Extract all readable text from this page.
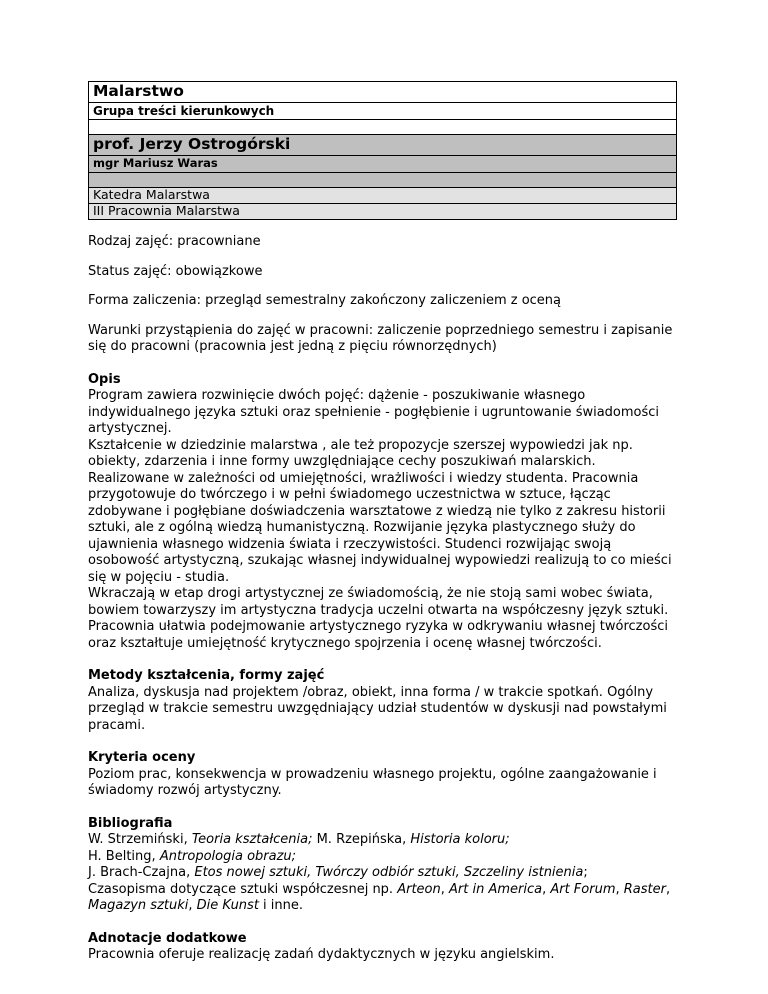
Malarstwo
Grupa treści kierunkowych

prof. Jerzy Ostrogórski
mgr Mariusz Waras

Katedra Malarstwa
III Pracownia Malarstwa

Rodzaj zajęć: pracowniane

Status zajęć: obowiązkowe

Forma zaliczenia: przegląd semestralny zakończony zaliczeniem z oceną

Warunki przystąpienia do zajęć w pracowni: zaliczenie poprzedniego semestru i zapisanie

się do pracowni (pracownia jest jedną z pięciu równorzędnych)

Opis

Program zawiera rozwinięcie dwóch pojęć: dążenie - poszukiwanie własnego

indywidualnego języka sztuki oraz spełnienie - pogłębienie i ugruntowanie świadomości

artystycznej.

Kształcenie w dziedzinie malarstwa , ale też propozycje szerszej wypowiedzi jak np.

obiekty, zdarzenia i inne formy uwzględniające cechy poszukiwań malarskich.

Realizowane w zależności od umiejętności, wrażliwości i wiedzy studenta. Pracownia

przygotowuje do twórczego i w pełni świadomego uczestnictwa w sztuce, łącząc

zdobywane i pogłębiane doświadczenia warsztatowe z wiedzą nie tylko z zakresu historii

sztuki, ale z ogólną wiedzą humanistyczną. Rozwijanie języka plastycznego służy do

ujawnienia własnego widzenia świata i rzeczywistości. Studenci rozwijając swoją

osobowość artystyczną, szukając własnej indywidualnej wypowiedzi realizują to co mieści

się w pojęciu - studia.

Wkraczają w etap drogi artystycznej ze świadomością, że nie stoją sami wobec świata,

bowiem towarzyszy im artystyczna tradycja uczelni otwarta na współczesny język sztuki.

Pracownia ułatwia podejmowanie artystycznego ryzyka w odkrywaniu własnej twórczości

oraz kształtuje umiejętność krytycznego spojrzenia i ocenę własnej twórczości.

Metody kształcenia, formy zajęć

Analiza, dyskusja nad projektem /obraz, obiekt, inna forma / w trakcie spotkań. Ogólny

przegląd w trakcie semestru uwzgędniający udział studentów w dyskusji nad powstałymi

pracami.

Kryteria oceny

Poziom prac, konsekwencja w prowadzeniu własnego projektu, ogólne zaangażowanie i

świadomy rozwój artystyczny.

Bibliografia

W. Strzemiński, Teoria kształcenia; M. Rzepińska, Historia koloru;

H. Belting, Antropologia obrazu;

J. Brach-Czajna, Etos nowej sztuki, Twórczy odbiór sztuki, Szczeliny istnienia;

Czasopisma dotyczące sztuki współczesnej np. Arteon, Art in America, Art Forum, Raster,

Magazyn sztuki, Die Kunst i inne.

Adnotacje dodatkowe

Pracownia oferuje realizację zadań dydaktycznych w języku angielskim.
